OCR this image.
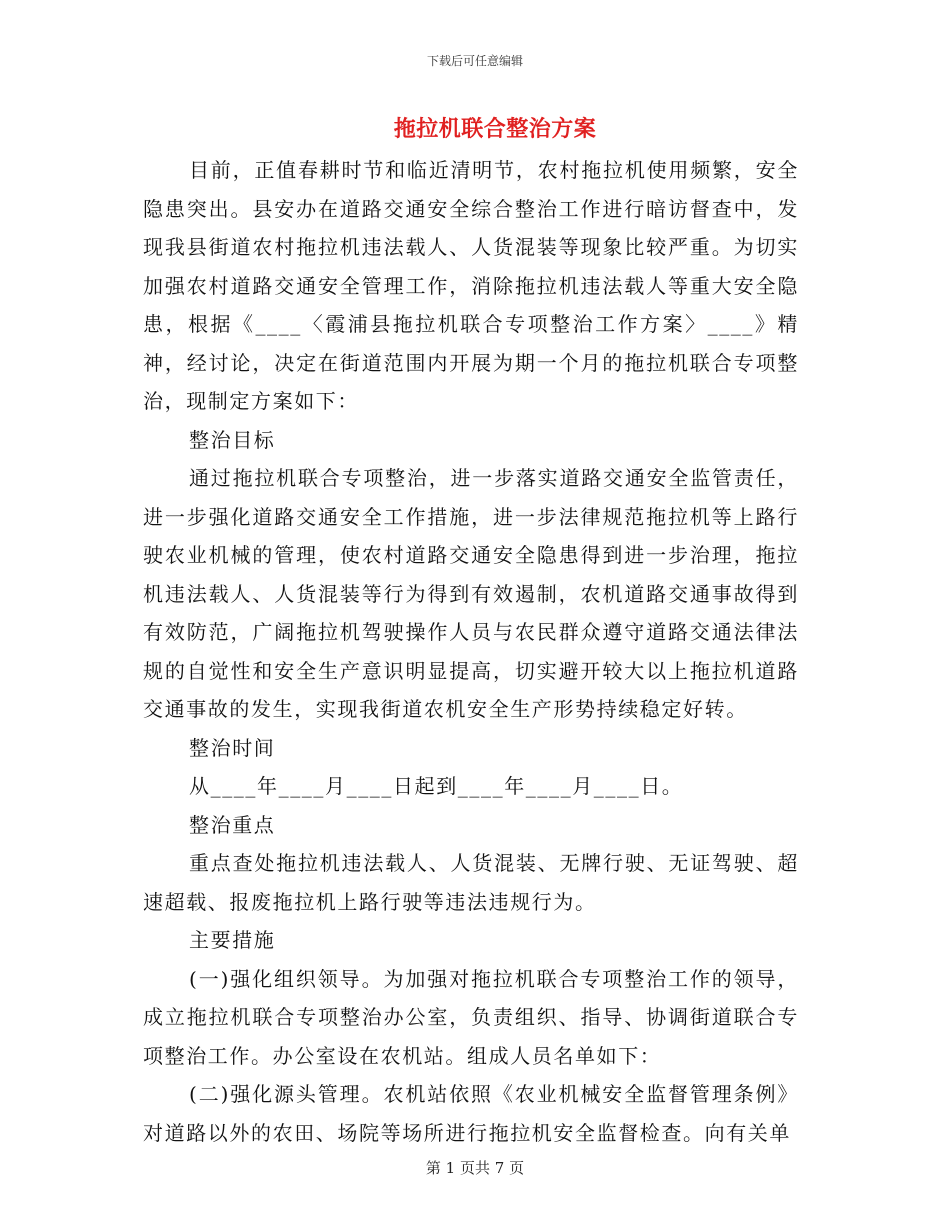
下载后可任意编辑
拖拉机联合整治方案

目前，正值春耕时节和临近清明节，农村拖拉机使用频繁，安全隐患突出。县安办在道路交通安全综合整治工作进行暗访督查中，发现我县街道农村拖拉机违法载人、人货混装等现象比较严重。为切实加强农村道路交通安全管理工作，消除拖拉机违法载人等重大安全隐患，根据《____〈霞浦县拖拉机联合专项整治工作方案〉____》精神，经讨论，决定在街道范围内开展为期一个月的拖拉机联合专项整治，现制定方案如下：

整治目标

通过拖拉机联合专项整治，进一步落实道路交通安全监管责任，进一步强化道路交通安全工作措施，进一步法律规范拖拉机等上路行驶农业机械的管理，使农村道路交通安全隐患得到进一步治理，拖拉机违法载人、人货混装等行为得到有效遏制，农机道路交通事故得到有效防范，广阔拖拉机驾驶操作人员与农民群众遵守道路交通法律法规的自觉性和安全生产意识明显提高，切实避开较大以上拖拉机道路交通事故的发生，实现我街道农机安全生产形势持续稳定好转。

整治时间

从____年____月____日起到____年____月____日。

整治重点

重点查处拖拉机违法载人、人货混装、无牌行驶、无证驾驶、超速超载、报废拖拉机上路行驶等违法违规行为。

主要措施

(一)强化组织领导。为加强对拖拉机联合专项整治工作的领导，成立拖拉机联合专项整治办公室，负责组织、指导、协调街道联合专项整治工作。办公室设在农机站。组成人员名单如下：

(二)强化源头管理。农机站依照《农业机械安全监督管理条例》对道路以外的农田、场院等场所进行拖拉机安全监督检查。向有关单

第 1 页共 7 页
